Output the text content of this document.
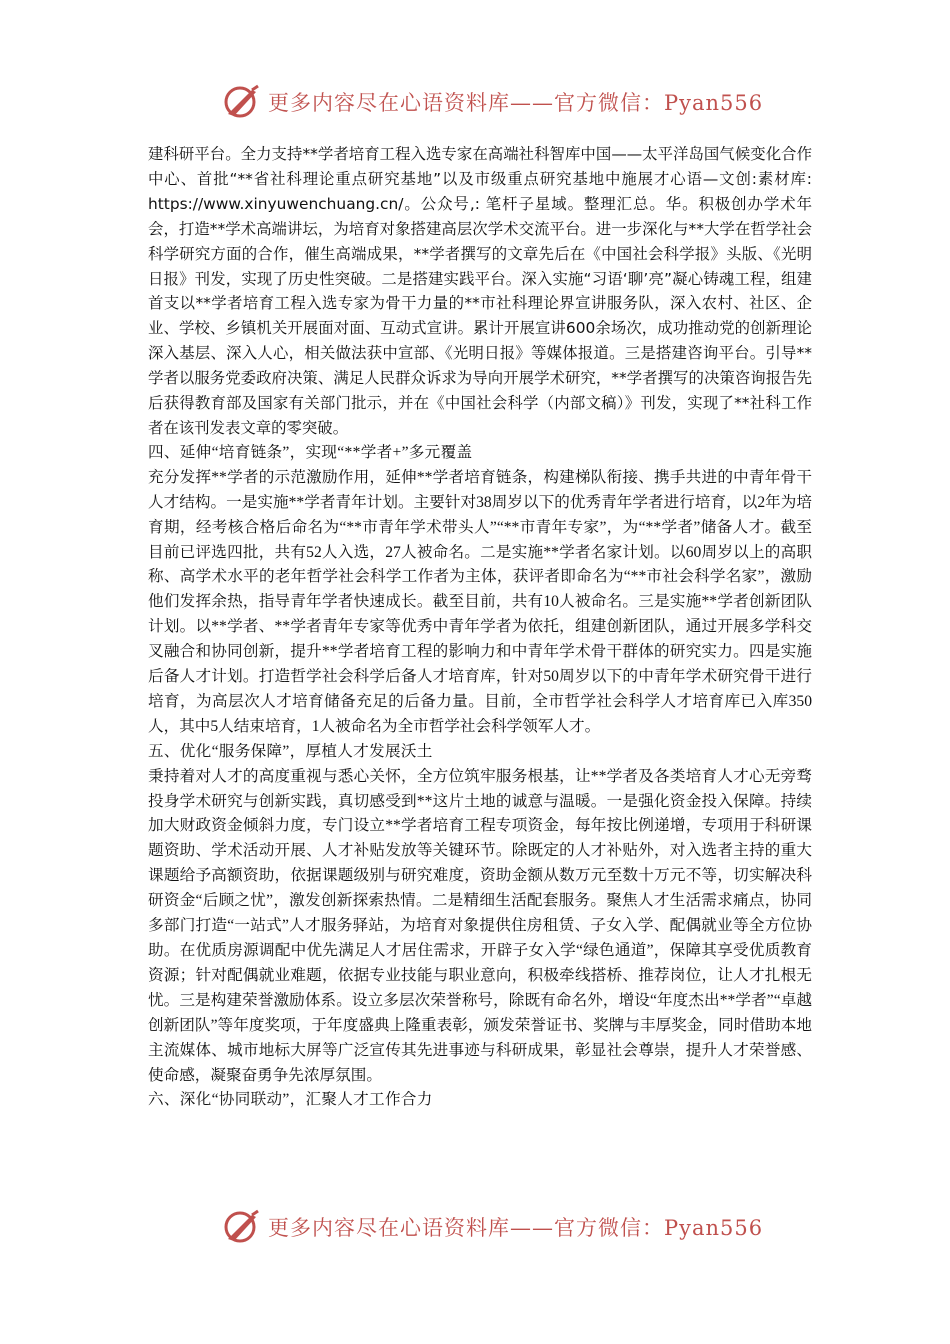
更多内容尽在心语资料库——官方微信：Pyan556

建科研平台。全力支持**学者培育工程入选专家在高端社科智库中国——太平洋岛国气候变化合作中心、首批“**省社科理论重点研究基地”以及市级重点研究基地中施展才心语—文创:素材库: https://www.xinyuwenchuang.cn/。公众号,: 笔杆子星域。整理汇总。华。积极创办学术年会，打造**学术高端讲坛，为培育对象搭建高层次学术交流平台。进一步深化与**大学在哲学社会科学研究方面的合作，催生高端成果，**学者撰写的文章先后在《中国社会科学报》头版、《光明日报》刊发，实现了历史性突破。二是搭建实践平台。深入实施“习语‘聊’亮”凝心铸魂工程，组建首支以**学者培育工程入选专家为骨干力量的**市社科理论界宣讲服务队，深入农村、社区、企业、学校、乡镇机关开展面对面、互动式宣讲。累计开展宣讲600余场次，成功推动党的创新理论深入基层、深入人心，相关做法获中宣部、《光明日报》等媒体报道。三是搭建咨询平台。引导**学者以服务党委政府决策、满足人民群众诉求为导向开展学术研究，**学者撰写的决策咨询报告先后获得教育部及国家有关部门批示，并在《中国社会科学（内部文稿）》刊发，实现了**社科工作者在该刊发表文章的零突破。

四、延伸“培育链条”，实现“**学者+”多元覆盖

充分发挥**学者的示范激励作用，延伸**学者培育链条，构建梯队衔接、携手共进的中青年骨干人才结构。一是实施**学者青年计划。主要针对38周岁以下的优秀青年学者进行培育，以2年为培育期，经考核合格后命名为“**市青年学术带头人”“**市青年专家”，为“**学者”储备人才。截至目前已评选四批，共有52人入选，27人被命名。二是实施**学者名家计划。以60周岁以上的高职称、高学术水平的老年哲学社会科学工作者为主体，获评者即命名为“**市社会科学名家”，激励他们发挥余热，指导青年学者快速成长。截至目前，共有10人被命名。三是实施**学者创新团队计划。以**学者、**学者青年专家等优秀中青年学者为依托，组建创新团队，通过开展多学科交叉融合和协同创新，提升**学者培育工程的影响力和中青年学术骨干群体的研究实力。四是实施后备人才计划。打造哲学社会科学后备人才培育库，针对50周岁以下的中青年学术研究骨干进行培育，为高层次人才培育储备充足的后备力量。目前，全市哲学社会科学人才培育库已入库350人，其中5人结束培育，1人被命名为全市哲学社会科学领军人才。

五、优化“服务保障”，厚植人才发展沃土

秉持着对人才的高度重视与悉心关怀，全方位筑牢服务根基，让**学者及各类培育人才心无旁骛投身学术研究与创新实践，真切感受到**这片土地的诚意与温暖。一是强化资金投入保障。持续加大财政资金倾斜力度，专门设立**学者培育工程专项资金，每年按比例递增，专项用于科研课题资助、学术活动开展、人才补贴发放等关键环节。除既定的人才补贴外，对入选者主持的重大课题给予高额资助，依据课题级别与研究难度，资助金额从数万元至数十万元不等，切实解决科研资金“后顾之忧”，激发创新探索热情。二是精细生活配套服务。聚焦人才生活需求痛点，协同多部门打造“一站式”人才服务驿站，为培育对象提供住房租赁、子女入学、配偶就业等全方位协助。在优质房源调配中优先满足人才居住需求，开辟子女入学“绿色通道”，保障其享受优质教育资源；针对配偶就业难题，依据专业技能与职业意向，积极牵线搭桥、推荐岗位，让人才扎根无忧。三是构建荣誉激励体系。设立多层次荣誉称号，除既有命名外，增设“年度杰出**学者”“卓越创新团队”等年度奖项，于年度盛典上隆重表彰，颁发荣誉证书、奖牌与丰厚奖金，同时借助本地主流媒体、城市地标大屏等广泛宣传其先进事迹与科研成果，彰显社会尊崇，提升人才荣誉感、使命感，凝聚奋勇争先浓厚氛围。

六、深化“协同联动”，汇聚人才工作合力

更多内容尽在心语资料库——官方微信：Pyan556
